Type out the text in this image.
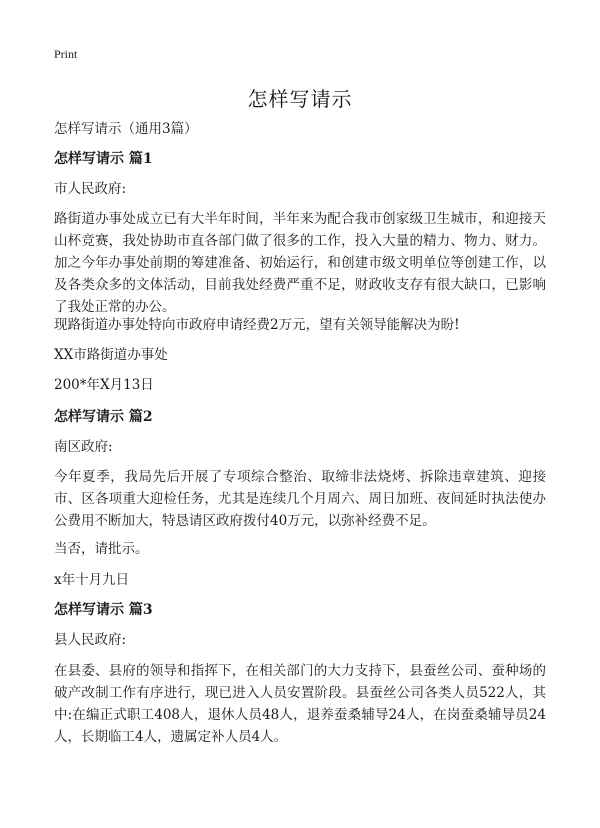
Print
怎样写请示
怎样写请示（通用3篇）
怎样写请示 篇1
市人民政府:
路街道办事处成立已有大半年时间，半年来为配合我市创家级卫生城市，和迎接天山杯竞赛，我处协助市直各部门做了很多的工作，投入大量的精力、物力、财力。加之今年办事处前期的筹建准备、初始运行，和创建市级文明单位等创建工作，以及各类众多的文体活动，目前我处经费严重不足，财政收支存有很大缺口，已影响了我处正常的办公。
现路街道办事处特向市政府申请经费2万元，望有关领导能解决为盼!
XX市路街道办事处
200*年X月13日
怎样写请示 篇2
南区政府:
今年夏季，我局先后开展了专项综合整治、取缔非法烧烤、拆除违章建筑、迎接市、区各项重大迎检任务，尤其是连续几个月周六、周日加班、夜间延时执法使办公费用不断加大，特恳请区政府拨付40万元，以弥补经费不足。
当否，请批示。
x年十月九日
怎样写请示 篇3
县人民政府:
在县委、县府的领导和指挥下，在相关部门的大力支持下，县蚕丝公司、蚕种场的破产改制工作有序进行，现已进入人员安置阶段。县蚕丝公司各类人员522人，其中:在编正式职工408人，退休人员48人，退养蚕桑辅导24人，在岗蚕桑辅导员24人，长期临工4人，遗属定补人员4人。
